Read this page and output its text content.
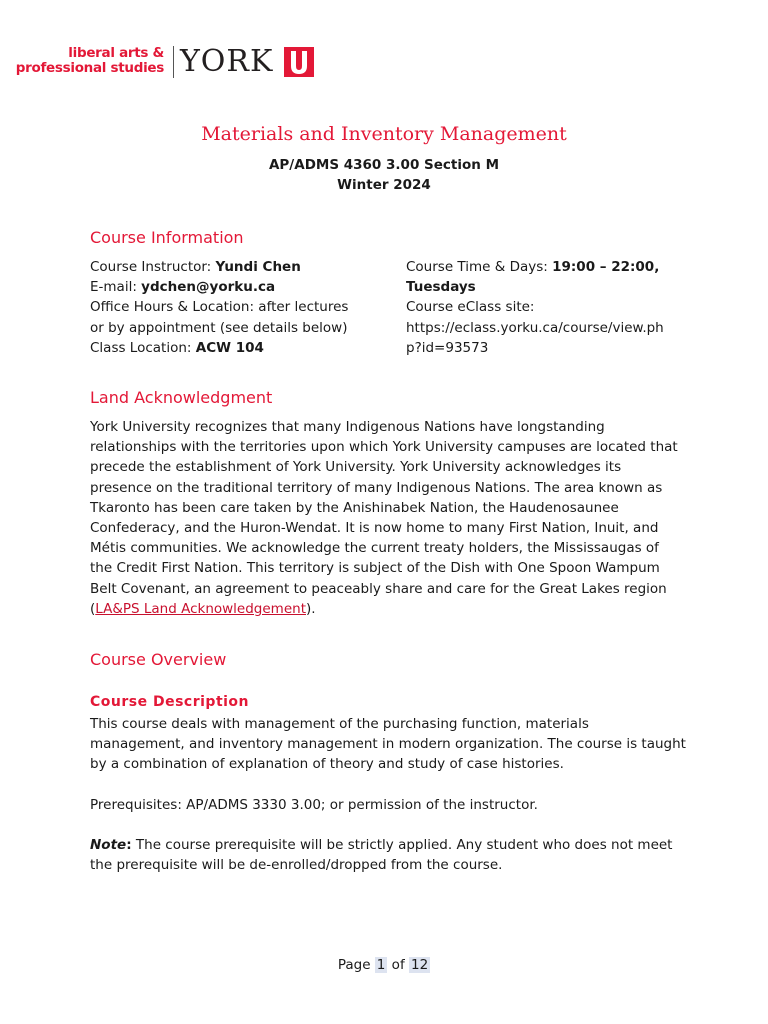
liberal arts &
professional studies YORK
Materials and Inventory Management
AP/ADMS 4360 3.00 Section M
Winter 2024
Course Information
Course Instructor: Yundi Chen
E-mail: ydchen@yorku.ca
Office Hours & Location: after lectures
or by appointment (see details below)
Class Location: ACW 104
Course Time & Days: 19:00 – 22:00,
Tuesdays
Course eClass site:
https://eclass.yorku.ca/course/view.ph
p?id=93573
Land Acknowledgment
York University recognizes that many Indigenous Nations have longstanding
relationships with the territories upon which York University campuses are located that
precede the establishment of York University. York University acknowledges its
presence on the traditional territory of many Indigenous Nations. The area known as
Tkaronto has been care taken by the Anishinabek Nation, the Haudenosaunee
Confederacy, and the Huron-Wendat. It is now home to many First Nation, Inuit, and
Métis communities. We acknowledge the current treaty holders, the Mississaugas of
the Credit First Nation. This territory is subject of the Dish with One Spoon Wampum
Belt Covenant, an agreement to peaceably share and care for the Great Lakes region
(LA&PS Land Acknowledgement).
Course Overview
Course Description
This course deals with management of the purchasing function, materials
management, and inventory management in modern organization. The course is taught
by a combination of explanation of theory and study of case histories.
Prerequisites: AP/ADMS 3330 3.00; or permission of the instructor.
Note: The course prerequisite will be strictly applied. Any student who does not meet
the prerequisite will be de-enrolled/dropped from the course.
Page 1 of 12
